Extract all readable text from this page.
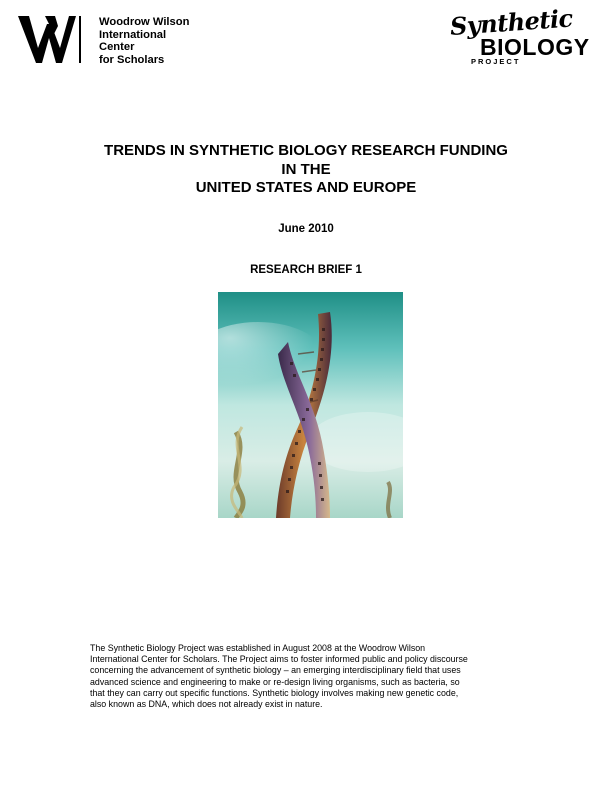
Woodrow Wilson
International
Center
for Scholars
Synthetic
BIOLOGY
PROJECT
TRENDS IN SYNTHETIC BIOLOGY RESEARCH FUNDING
IN THE
UNITED STATES AND EUROPE
June 2010
RESEARCH BRIEF 1
The Synthetic Biology Project was established in August 2008 at the Woodrow Wilson
International Center for Scholars. The Project aims to foster informed public and policy discourse
concerning the advancement of synthetic biology – an emerging interdisciplinary field that uses
advanced science and engineering to make or re-design living organisms, such as bacteria, so
that they can carry out specific functions. Synthetic biology involves making new genetic code,
also known as DNA, which does not already exist in nature.
